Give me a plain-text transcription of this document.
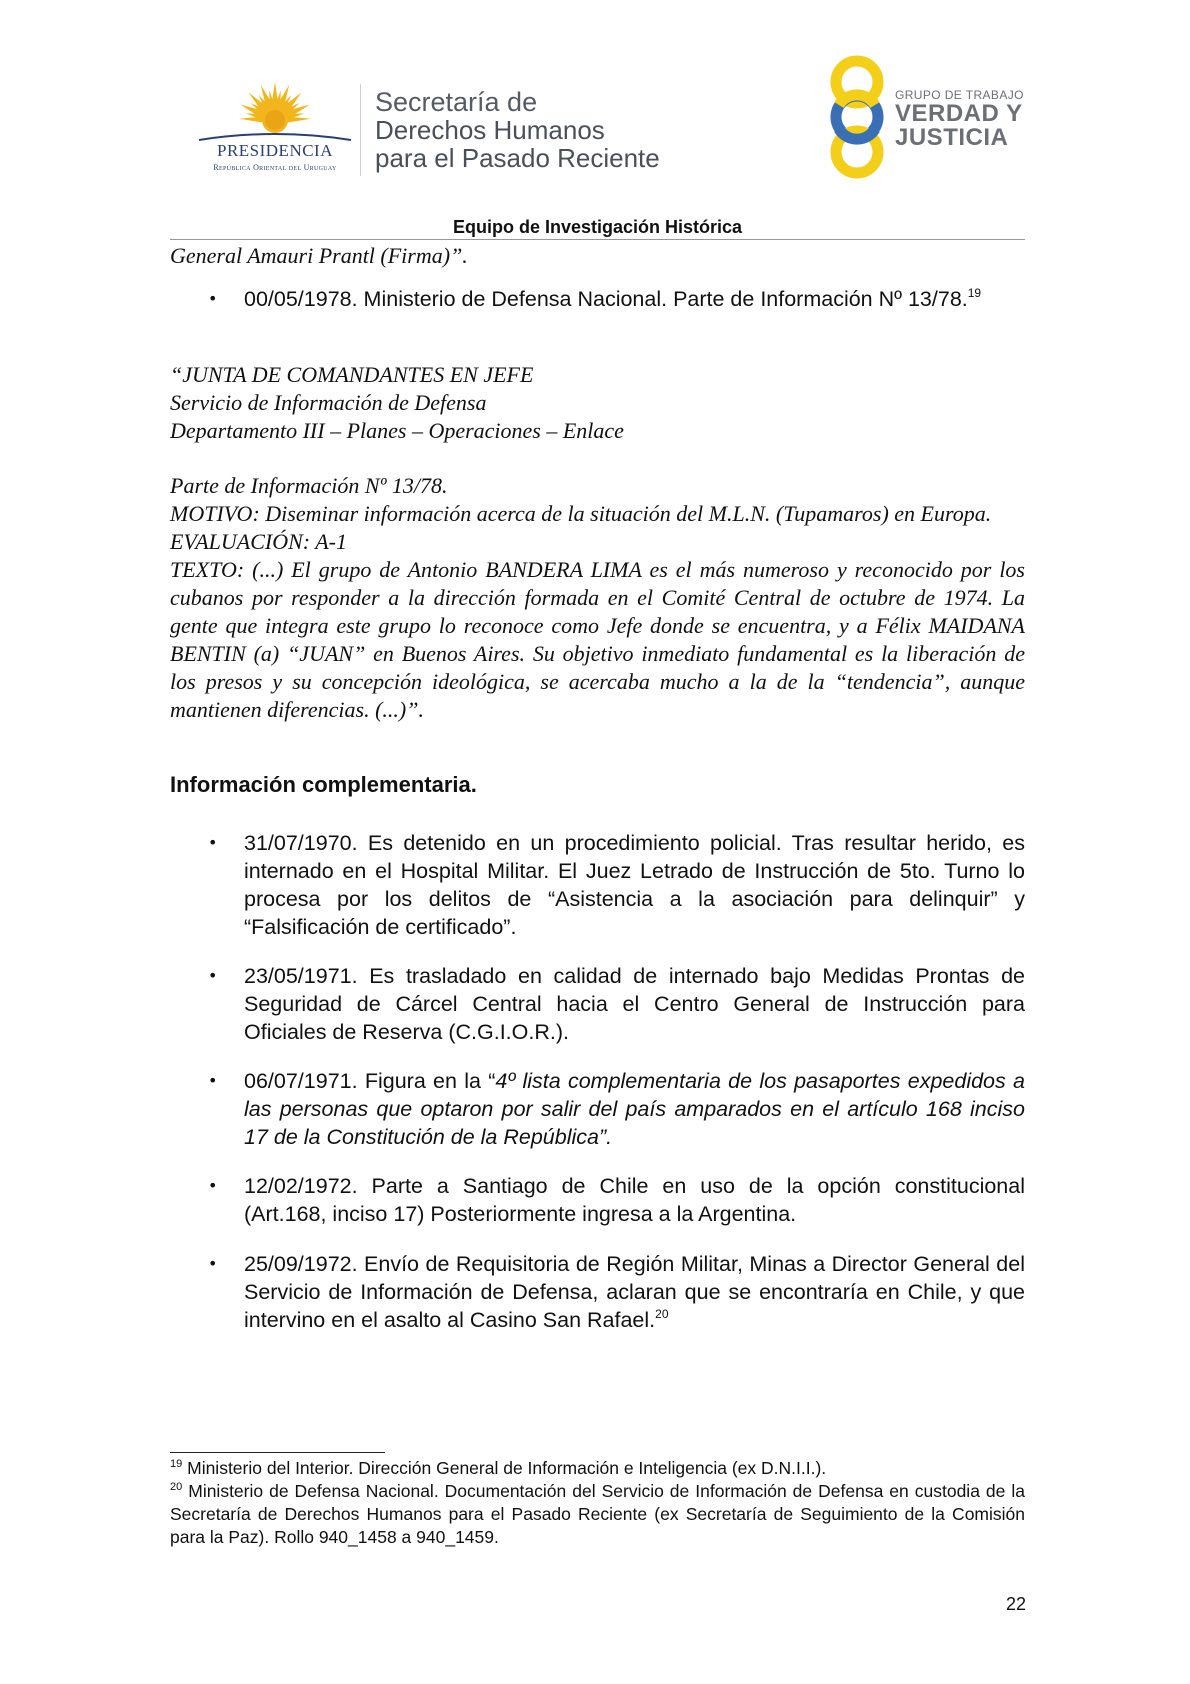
PRESIDENCIA
República Oriental del Uruguay
Secretaría de
Derechos Humanos
para el Pasado Reciente
GRUPO DE TRABAJO
VERDAD Y
JUSTICIA
Equipo de Investigación Histórica
General Amauri Prantl (Firma)”.
• 00/05/1978. Ministerio de Defensa Nacional. Parte de Información Nº 13/78.19
“JUNTA DE COMANDANTES EN JEFE
Servicio de Información de Defensa
Departamento III – Planes – Operaciones – Enlace
Parte de Información Nº 13/78.
MOTIVO: Diseminar información acerca de la situación del M.L.N. (Tupamaros) en Europa.
EVALUACIÓN: A-1
TEXTO: (...) El grupo de Antonio BANDERA LIMA es el más numeroso y reconocido por los cubanos por responder a la dirección formada en el Comité Central de octubre de 1974. La gente que integra este grupo lo reconoce como Jefe donde se encuentra, y a Félix MAIDANA BENTIN (a) “JUAN” en Buenos Aires. Su objetivo inmediato fundamental es la liberación de los presos y su concepción ideológica, se acercaba mucho a la de la “tendencia”, aunque mantienen diferencias. (...)”.
Información complementaria.
• 31/07/1970. Es detenido en un procedimiento policial. Tras resultar herido, es internado en el Hospital Militar. El Juez Letrado de Instrucción de 5to. Turno lo procesa por los delitos de “Asistencia a la asociación para delinquir” y “Falsificación de certificado”.
• 23/05/1971. Es trasladado en calidad de internado bajo Medidas Prontas de Seguridad de Cárcel Central hacia el Centro General de Instrucción para Oficiales de Reserva (C.G.I.O.R.).
• 06/07/1971. Figura en la “4º lista complementaria de los pasaportes expedidos a las personas que optaron por salir del país amparados en el artículo 168 inciso 17 de la Constitución de la República”.
• 12/02/1972. Parte a Santiago de Chile en uso de la opción constitucional (Art.168, inciso 17) Posteriormente ingresa a la Argentina.
• 25/09/1972. Envío de Requisitoria de Región Militar, Minas a Director General del Servicio de Información de Defensa, aclaran que se encontraría en Chile, y que intervino en el asalto al Casino San Rafael.$^{20}$
$^{19}$ Ministerio del Interior. Dirección General de Información e Inteligencia (ex D.N.I.I.).
$^{20}$ Ministerio de Defensa Nacional. Documentación del Servicio de Información de Defensa en custodia de la Secretaría de Derechos Humanos para el Pasado Reciente (ex Secretaría de Seguimiento de la Comisión para la Paz). Rollo 940_1458 a 940_1459.
22
